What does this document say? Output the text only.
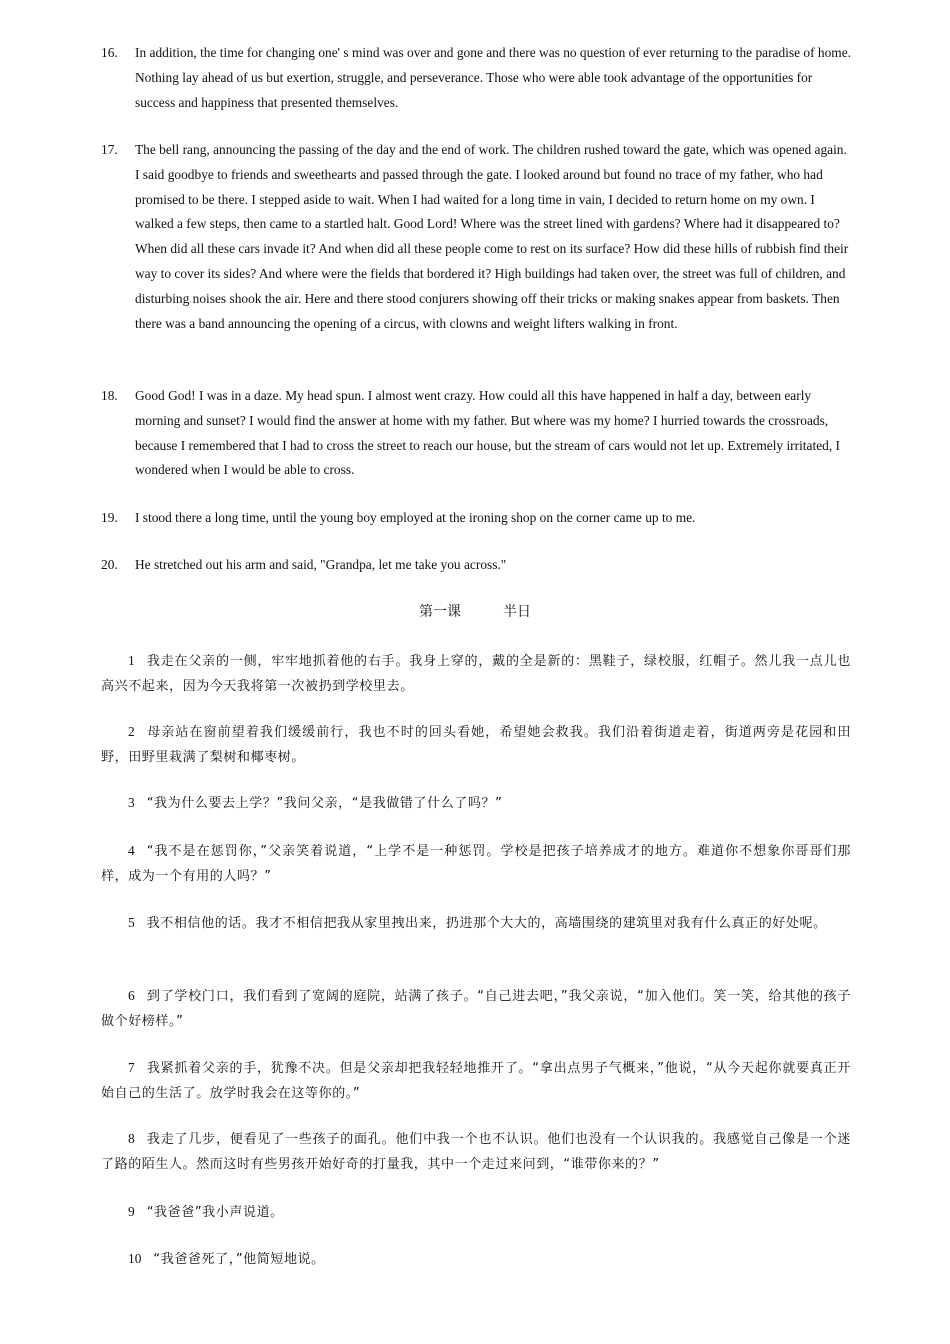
16.	In addition, the time for changing one' s mind was over and gone and there was no question of ever returning to the paradise of home. Nothing lay ahead of us but exertion, struggle, and perseverance. Those who were able took advantage of the opportunities for success and happiness that presented themselves.
17.	The bell rang, announcing the passing of the day and the end of work. The children rushed toward the gate, which was opened again. I said goodbye to friends and sweethearts and passed through the gate. I looked around but found no trace of my father, who had promised to be there. I stepped aside to wait. When I had waited for a long time in vain, I decided to return home on my own. I walked a few steps, then came to a startled halt. Good Lord! Where was the street lined with gardens? Where had it disappeared to? When did all these cars invade it? And when did all these people come to rest on its surface? How did these hills of rubbish find their way to cover its sides? And where were the fields that bordered it? High buildings had taken over, the street was full of children, and disturbing noises shook the air. Here and there stood conjurers showing off their tricks or making snakes appear from baskets. Then there was a band announcing the opening of a circus, with clowns and weight lifters walking in front.
18.	Good God! I was in a daze. My head spun. I almost went crazy. How could all this have happened in half a day, between early morning and sunset? I would find the answer at home with my father. But where was my home? I hurried towards the crossroads, because I remembered that I had to cross the street to reach our house, but the stream of cars would not let up. Extremely irritated, I wondered when I would be able to cross.
19.	I stood there a long time, until the young boy employed at the ironing shop on the corner came up to me.
20.	He stretched out his arm and said, "Grandpa, let me take you across."
第一课	半日
1 我走在父亲的一侧，牢牢地抓着他的右手。我身上穿的，戴的全是新的：黑鞋子，绿校服，红帽子。然儿我一点儿也高兴不起来，因为今天我将第一次被扔到学校里去。
2 母亲站在窗前望着我们缓缓前行，我也不时的回头看她，希望她会救我。我们沿着街道走着，街道两旁是花园和田野，田野里栽满了梨树和椰枣树。
3 “我为什么要去上学？”我问父亲，“是我做错了什么了吗？”
4 “我不是在惩罚你，”父亲笑着说道，“上学不是一种惩罚。学校是把孩子培养成才的地方。难道你不想象你哥哥们那样，成为一个有用的人吗？”
5 我不相信他的话。我才不相信把我从家里拽出来，扔进那个大大的，高墙围绕的建筑里对我有什么真正的好处呢。
6 到了学校门口，我们看到了宽阔的庭院，站满了孩子。“自己进去吧，”我父亲说，“加入他们。笑一笑，给其他的孩子做个好榜样。”
7 我紧抓着父亲的手，犹豫不决。但是父亲却把我轻轻地推开了。“拿出点男子气概来，”他说，“从今天起你就要真正开始自己的生活了。放学时我会在这等你的。”
8 我走了几步，便看见了一些孩子的面孔。他们中我一个也不认识。他们也没有一个认识我的。我感觉自己像是一个迷了路的陌生人。然而这时有些男孩开始好奇的打量我，其中一个走过来问到，“谁带你来的？”
9 “我爸爸”我小声说道。
10 “我爸爸死了，”他简短地说。
